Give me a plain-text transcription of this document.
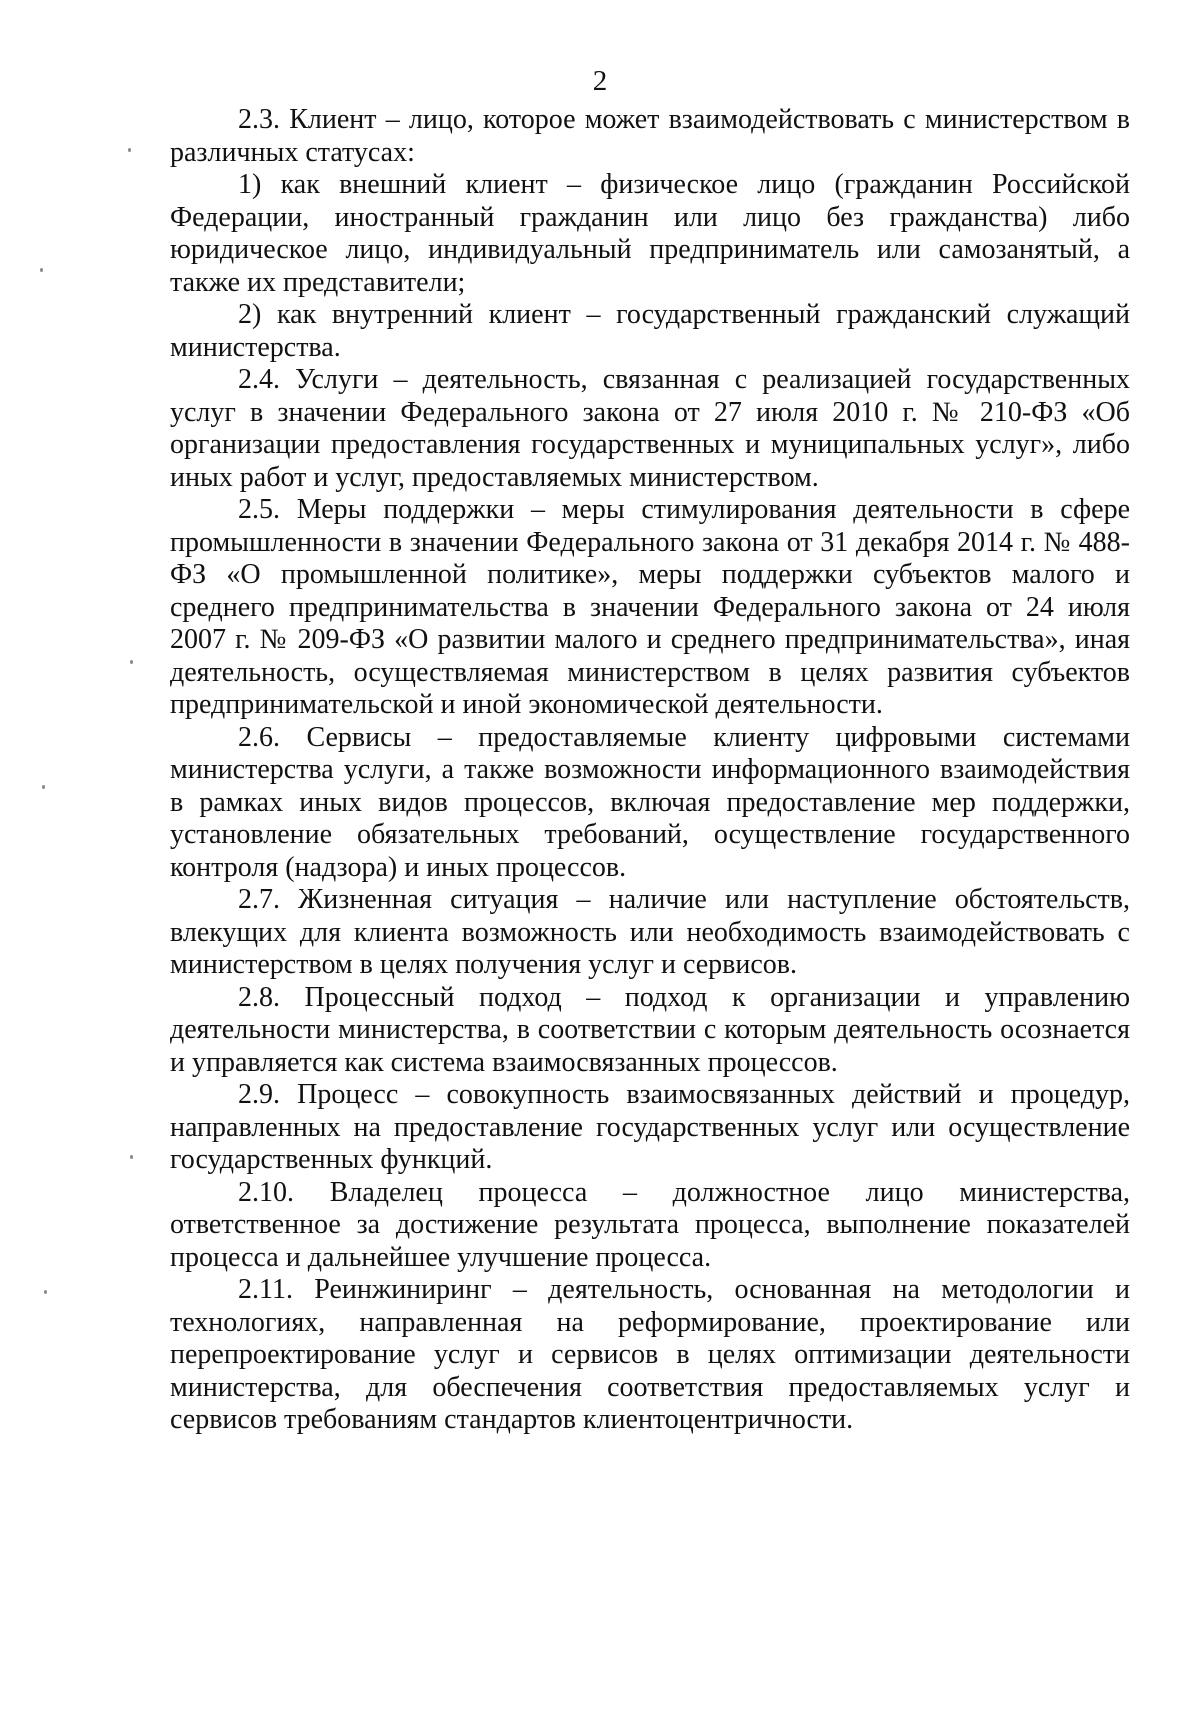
2

2.3. Клиент – лицо, которое может взаимодействовать с министерством в различных статусах:

1) как внешний клиент – физическое лицо (гражданин Российской Федерации, иностранный гражданин или лицо без гражданства) либо юридическое лицо, индивидуальный предприниматель или самозанятый, а также их представители;

2) как внутренний клиент – государственный гражданский служащий министерства.

2.4. Услуги – деятельность, связанная с реализацией государственных услуг в значении Федерального закона от 27 июля 2010 г. № 210-ФЗ «Об организации предоставления государственных и муниципальных услуг», либо иных работ и услуг, предоставляемых министерством.

2.5. Меры поддержки – меры стимулирования деятельности в сфере промышленности в значении Федерального закона от 31 декабря 2014 г. № 488-ФЗ «О промышленной политике», меры поддержки субъектов малого и среднего предпринимательства в значении Федерального закона от 24 июля 2007 г. № 209-ФЗ «О развитии малого и среднего предпринимательства», иная деятельность, осуществляемая министерством в целях развития субъектов предпринимательской и иной экономической деятельности.

2.6. Сервисы – предоставляемые клиенту цифровыми системами министерства услуги, а также возможности информационного взаимодействия в рамках иных видов процессов, включая предоставление мер поддержки, установление обязательных требований, осуществление государственного контроля (надзора) и иных процессов.

2.7. Жизненная ситуация – наличие или наступление обстоятельств, влекущих для клиента возможность или необходимость взаимодействовать с министерством в целях получения услуг и сервисов.

2.8. Процессный подход – подход к организации и управлению деятельности министерства, в соответствии с которым деятельность осознается и управляется как система взаимосвязанных процессов.

2.9. Процесс – совокупность взаимосвязанных действий и процедур, направленных на предоставление государственных услуг или осуществление государственных функций.

2.10. Владелец процесса – должностное лицо министерства, ответственное за достижение результата процесса, выполнение показателей процесса и дальнейшее улучшение процесса.

2.11. Реинжиниринг – деятельность, основанная на методологии и технологиях, направленная на реформирование, проектирование или перепроектирование услуг и сервисов в целях оптимизации деятельности министерства, для обеспечения соответствия предоставляемых услуг и сервисов требованиям стандартов клиентоцентричности.
